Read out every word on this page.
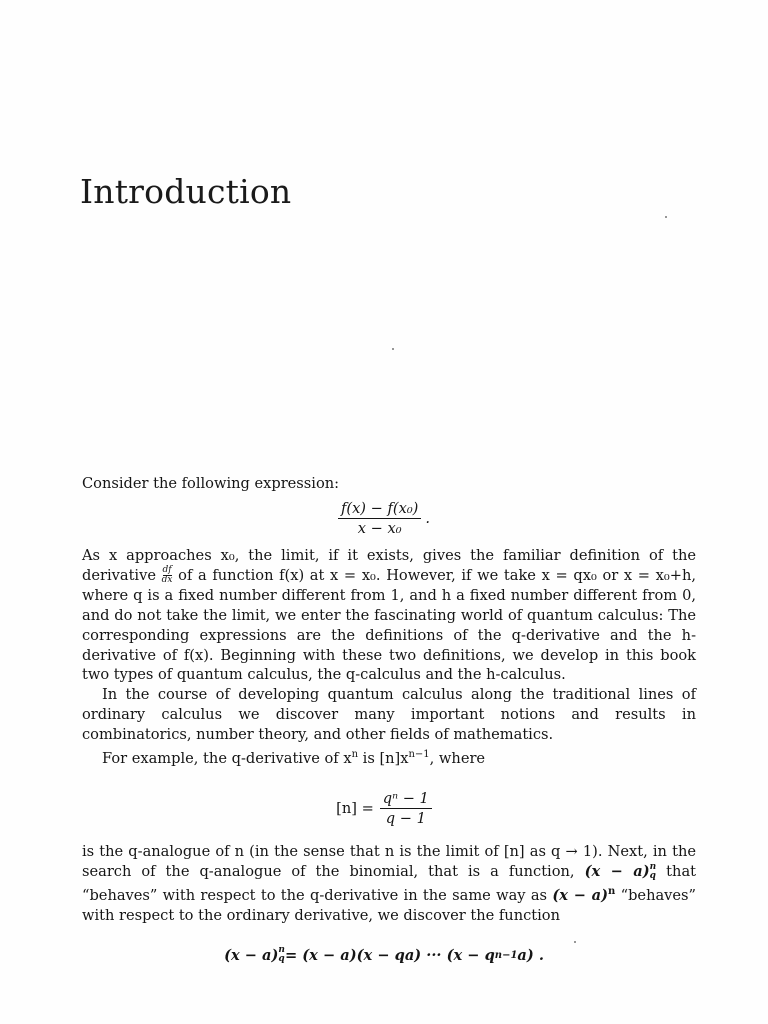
Introduction

Consider the following expression:

$\frac{\text{f(x) − f(x₀)}}{\text{x − x₀}}$ .

As x approaches x₀, the limit, if it exists, gives the familiar definition of the derivative $\frac{df}{dx}$ of a function f(x) at x = x₀. However, if we take x = qx₀ or x = x₀+h, where q is a fixed number different from 1, and h a fixed number different from 0, and do not take the limit, we enter the fascinating world of quantum calculus: The corresponding expressions are the definitions of the q-derivative and the h-derivative of f(x). Beginning with these two definitions, we develop in this book two types of quantum calculus, the q-calculus and the h-calculus.

In the course of developing quantum calculus along the traditional lines of ordinary calculus we discover many important notions and results in combinatorics, number theory, and other fields of mathematics.

For example, the q-derivative of $x^n$ is $[n]x^{n-1}$, where

$[n] = \frac{\text{qⁿ − 1}}{q - 1}$

is the q-analogue of n (in the sense that n is the limit of [n] as q → 1). Next, in the search of the q-analogue of the binomial, that is a function, (x − a) n
q that “behaves” with respect to the q-derivative in the same way as $(x - a)^n$ “behaves” with respect to the ordinary derivative, we discover the function

(x − a) n
q = (x − a)(x − qa) ··· (x − q n−1 a) .
